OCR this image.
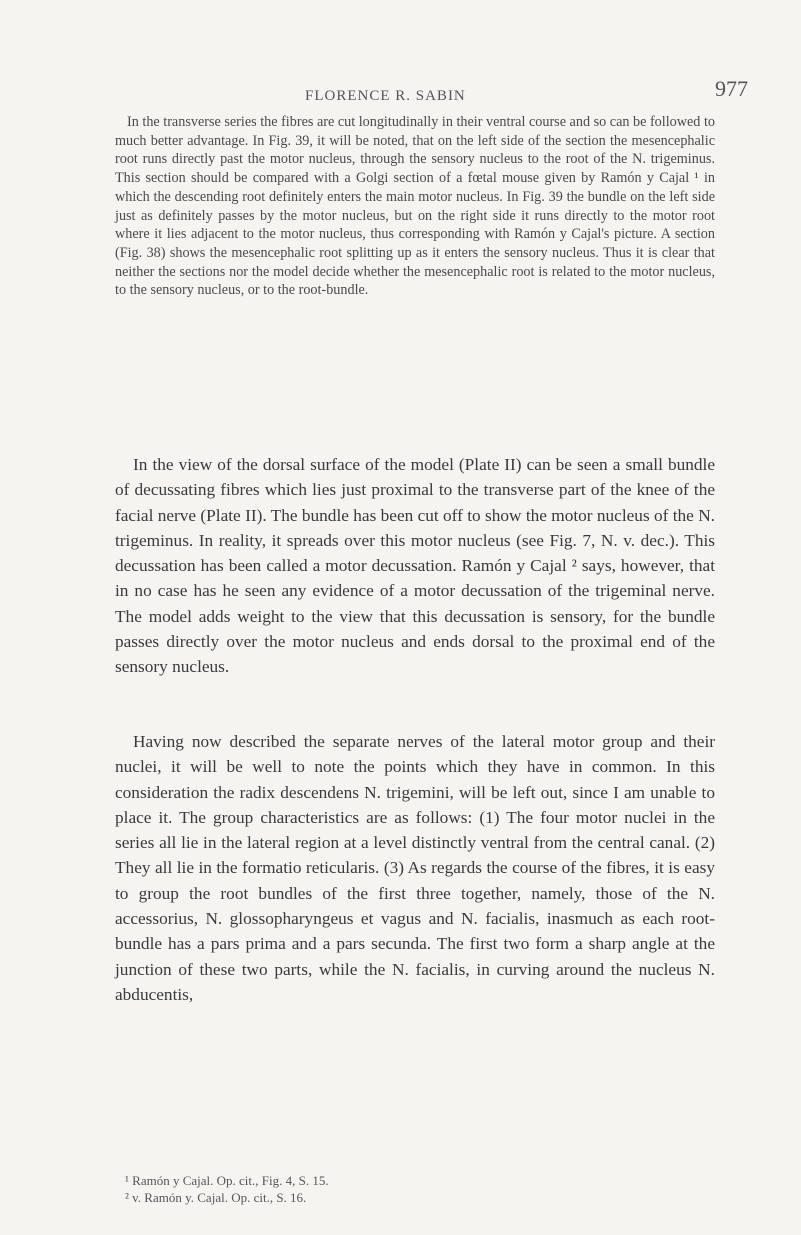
FLORENCE R. SABIN	977

In the transverse series the fibres are cut longitudinally in their ventral course and so can be followed to much better advantage. In Fig. 39, it will be noted, that on the left side of the section the mesencephalic root runs directly past the motor nucleus, through the sensory nucleus to the root of the N. trigeminus. This section should be compared with a Golgi section of a fœtal mouse given by Ramón y Cajal ¹ in which the descending root definitely enters the main motor nucleus. In Fig. 39 the bundle on the left side just as definitely passes by the motor nucleus, but on the right side it runs directly to the motor root where it lies adjacent to the motor nucleus, thus corresponding with Ramón y Cajal's picture. A section (Fig. 38) shows the mesencephalic root splitting up as it enters the sensory nucleus. Thus it is clear that neither the sections nor the model decide whether the mesencephalic root is related to the motor nucleus, to the sensory nucleus, or to the root-bundle.

In the view of the dorsal surface of the model (Plate II) can be seen a small bundle of decussating fibres which lies just proximal to the transverse part of the knee of the facial nerve (Plate II). The bundle has been cut off to show the motor nucleus of the N. trigeminus. In reality, it spreads over this motor nucleus (see Fig. 7, N. v. dec.). This decussation has been called a motor decussation. Ramón y Cajal ² says, however, that in no case has he seen any evidence of a motor decussation of the trigeminal nerve. The model adds weight to the view that this decussation is sensory, for the bundle passes directly over the motor nucleus and ends dorsal to the proximal end of the sensory nucleus.

Having now described the separate nerves of the lateral motor group and their nuclei, it will be well to note the points which they have in common. In this consideration the radix descendens N. trigemini, will be left out, since I am unable to place it. The group characteristics are as follows: (1) The four motor nuclei in the series all lie in the lateral region at a level distinctly ventral from the central canal. (2) They all lie in the formatio reticularis. (3) As regards the course of the fibres, it is easy to group the root bundles of the first three together, namely, those of the N. accessorius, N. glossopharyngeus et vagus and N. facialis, inasmuch as each root-bundle has a pars prima and a pars secunda. The first two form a sharp angle at the junction of these two parts, while the N. facialis, in curving around the nucleus N. abducentis,

¹ Ramón y Cajal. Op. cit., Fig. 4, S. 15.
² v. Ramón y. Cajal. Op. cit., S. 16.
